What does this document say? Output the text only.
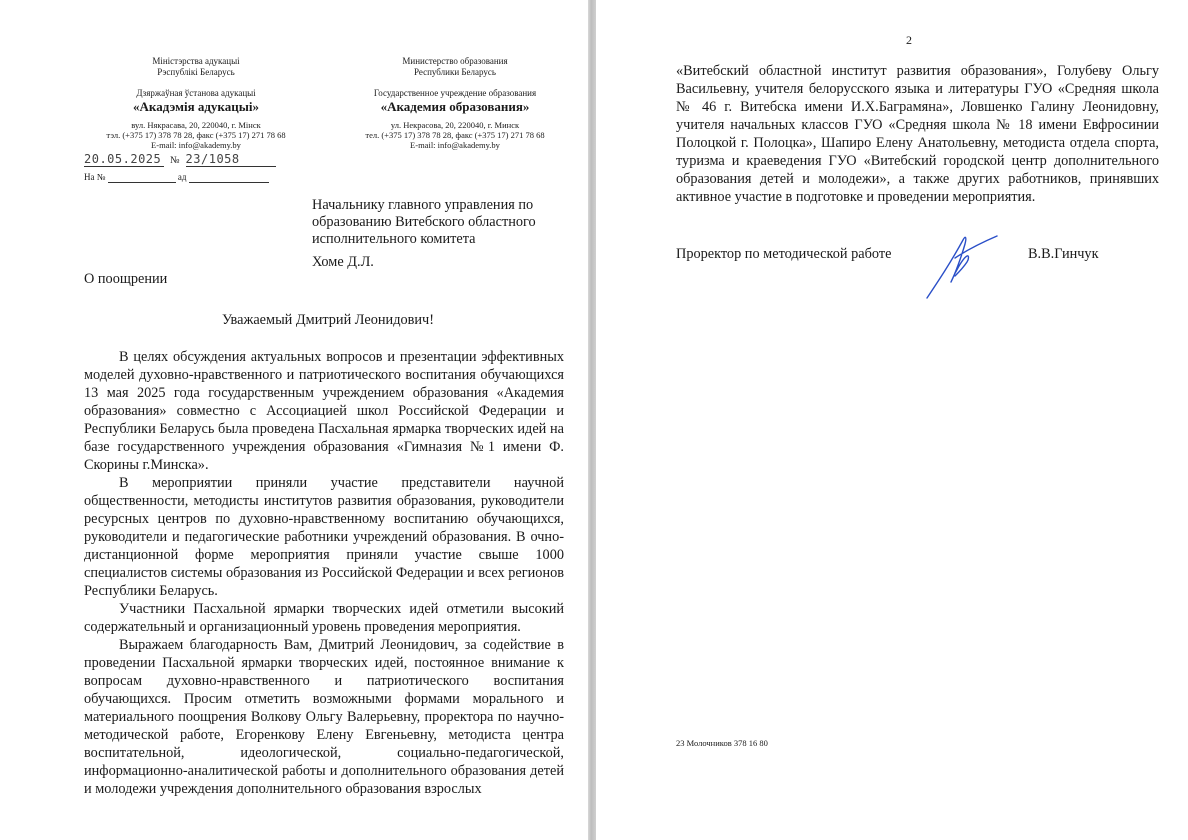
Міністэрства адукацыі
Рэспублікі Беларусь
Дзяржаўная ўстанова адукацыі
«Акадэмія адукацыі»
вул. Някрасава, 20, 220040, г. Мінск
тэл. (+375 17) 378 78 28, факс (+375 17) 271 78 68
E-mail: info@akademy.by
Министерство образования
Республики Беларусь
Государственное учреждение образования
«Академия образования»
ул. Некрасова, 20, 220040, г. Минск
тел. (+375 17) 378 78 28, факс (+375 17) 271 78 68
E-mail: info@akademy.by
20.05.2025 № 23/1058
На №	ад
Начальнику главного управления по
образованию Витебского областного
исполнительного комитета
Хоме Д.Л.
О поощрении
Уважаемый Дмитрий Леонидович!

В целях обсуждения актуальных вопросов и презентации эффективных моделей духовно-нравственного и патриотического воспитания обучающихся 13 мая 2025 года государственным учреждением образования «Академия образования» совместно с Ассоциацией школ Российской Федерации и Республики Беларусь была проведена Пасхальная ярмарка творческих идей на базе государственного учреждения образования «Гимназия №1 имени Ф. Скорины г.Минска».

В мероприятии приняли участие представители научной общественности, методисты институтов развития образования, руководители ресурсных центров по духовно-нравственному воспитанию обучающихся, руководители и педагогические работники учреждений образования. В очно-дистанционной форме мероприятия приняли участие свыше 1000 специалистов системы образования из Российской Федерации и всех регионов Республики Беларусь.

Участники Пасхальной ярмарки творческих идей отметили высокий содержательный и организационный уровень проведения мероприятия.

Выражаем благодарность Вам, Дмитрий Леонидович, за содействие в проведении Пасхальной ярмарки творческих идей, постоянное внимание к вопросам духовно-нравственного и патриотического воспитания обучающихся. Просим отметить возможными формами морального и материального поощрения Волкову Ольгу Валерьевну, проректора по научно-методической работе, Егоренкову Елену Евгеньевну, методиста центра воспитательной, идеологической, социально-педагогической, информационно-аналитической работы и дополнительного образования детей и молодежи учреждения дополнительного образования взрослых

2

«Витебский областной институт развития образования», Голубеву Ольгу Васильевну, учителя белорусского языка и литературы ГУО «Средняя школа № 46 г. Витебска имени И.Х.Баграмяна», Ловшенко Галину Леонидовну, учителя начальных классов ГУО «Средняя школа № 18 имени Евфросинии Полоцкой г. Полоцка», Шапиро Елену Анатольевну, методиста отдела спорта, туризма и краеведения ГУО «Витебский городской центр дополнительного образования детей и молодежи», а также других работников, принявших активное участие в подготовке и проведении мероприятия.

Проректор по методической работе	В.В.Гинчук
23 Молочников 378 16 80
